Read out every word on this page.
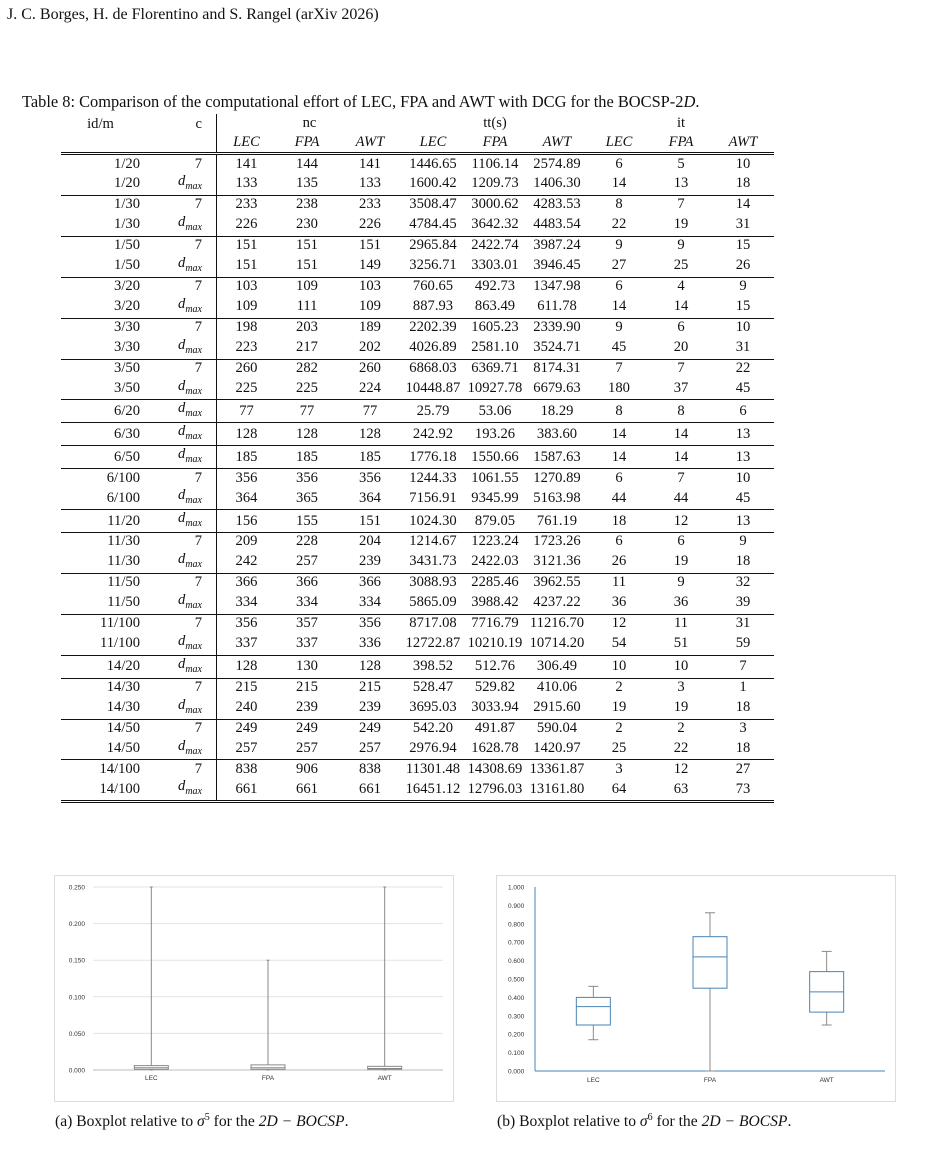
J. C. Borges, H. de Florentino and S. Rangel (arXiv 2026)
Table 8: Comparison of the computational effort of LEC, FPA and AWT with DCG for the BOCSP-2D.
id/m	c	nc			tt(s)			it		
		LEC	FPA	AWT	LEC	FPA	AWT	LEC	FPA	AWT
1/20	7	141	144	141	1446.65	1106.14	2574.89	6	5	10
1/20	$d_{max}$	133	135	133	1600.42	1209.73	1406.30	14	13	18
1/30	7	233	238	233	3508.47	3000.62	4283.53	8	7	14
1/30	$d_{max}$	226	230	226	4784.45	3642.32	4483.54	22	19	31
1/50	7	151	151	151	2965.84	2422.74	3987.24	9	9	15
1/50	$d_{max}$	151	151	149	3256.71	3303.01	3946.45	27	25	26
3/20	7	103	109	103	760.65	492.73	1347.98	6	4	9
3/20	$d_{max}$	109	111	109	887.93	863.49	611.78	14	14	15
3/30	7	198	203	189	2202.39	1605.23	2339.90	9	6	10
3/30	$d_{max}$	223	217	202	4026.89	2581.10	3524.71	45	20	31
3/50	7	260	282	260	6868.03	6369.71	8174.31	7	7	22
3/50	$d_{max}$	225	225	224	10448.87	10927.78	6679.63	180	37	45
6/20	$d_{max}$	77	77	77	25.79	53.06	18.29	8	8	6
6/30	$d_{max}$	128	128	128	242.92	193.26	383.60	14	14	13
6/50	$d_{max}$	185	185	185	1776.18	1550.66	1587.63	14	14	13
6/100	7	356	356	356	1244.33	1061.55	1270.89	6	7	10
6/100	$d_{max}$	364	365	364	7156.91	9345.99	5163.98	44	44	45
11/20	$d_{max}$	156	155	151	1024.30	879.05	761.19	18	12	13
11/30	7	209	228	204	1214.67	1223.24	1723.26	6	6	9
11/30	$d_{max}$	242	257	239	3431.73	2422.03	3121.36	26	19	18
11/50	7	366	366	366	3088.93	2285.46	3962.55	11	9	32
11/50	$d_{max}$	334	334	334	5865.09	3988.42	4237.22	36	36	39
11/100	7	356	357	356	8717.08	7716.79	11216.70	12	11	31
11/100	$d_{max}$	337	337	336	12722.87	10210.19	10714.20	54	51	59
14/20	$d_{max}$	128	130	128	398.52	512.76	306.49	10	10	7
14/30	7	215	215	215	528.47	529.82	410.06	2	3	1
14/30	$d_{max}$	240	239	239	3695.03	3033.94	2915.60	19	19	18
14/50	7	249	249	249	542.20	491.87	590.04	2	2	3
14/50	$d_{max}$	257	257	257	2976.94	1628.78	1420.97	25	22	18
14/100	7	838	906	838	11301.48	14308.69	13361.87	3	12	27
14/100	$d_{max}$	661	661	661	16451.12	12796.03	13161.80	64	63	73
0.000
0.050
0.100
0.150
0.200
0.250
LEC	FPA	AWT
(a) Boxplot relative to $\sigma^5$ for the 2D − BOCSP.
0.000
0.100
0.200
0.300
0.400
0.500
0.600
0.700
0.800
0.900
1.000
LEC	FPA	AWT
(b) Boxplot relative to $\sigma^6$ for the 2D − BOCSP.
